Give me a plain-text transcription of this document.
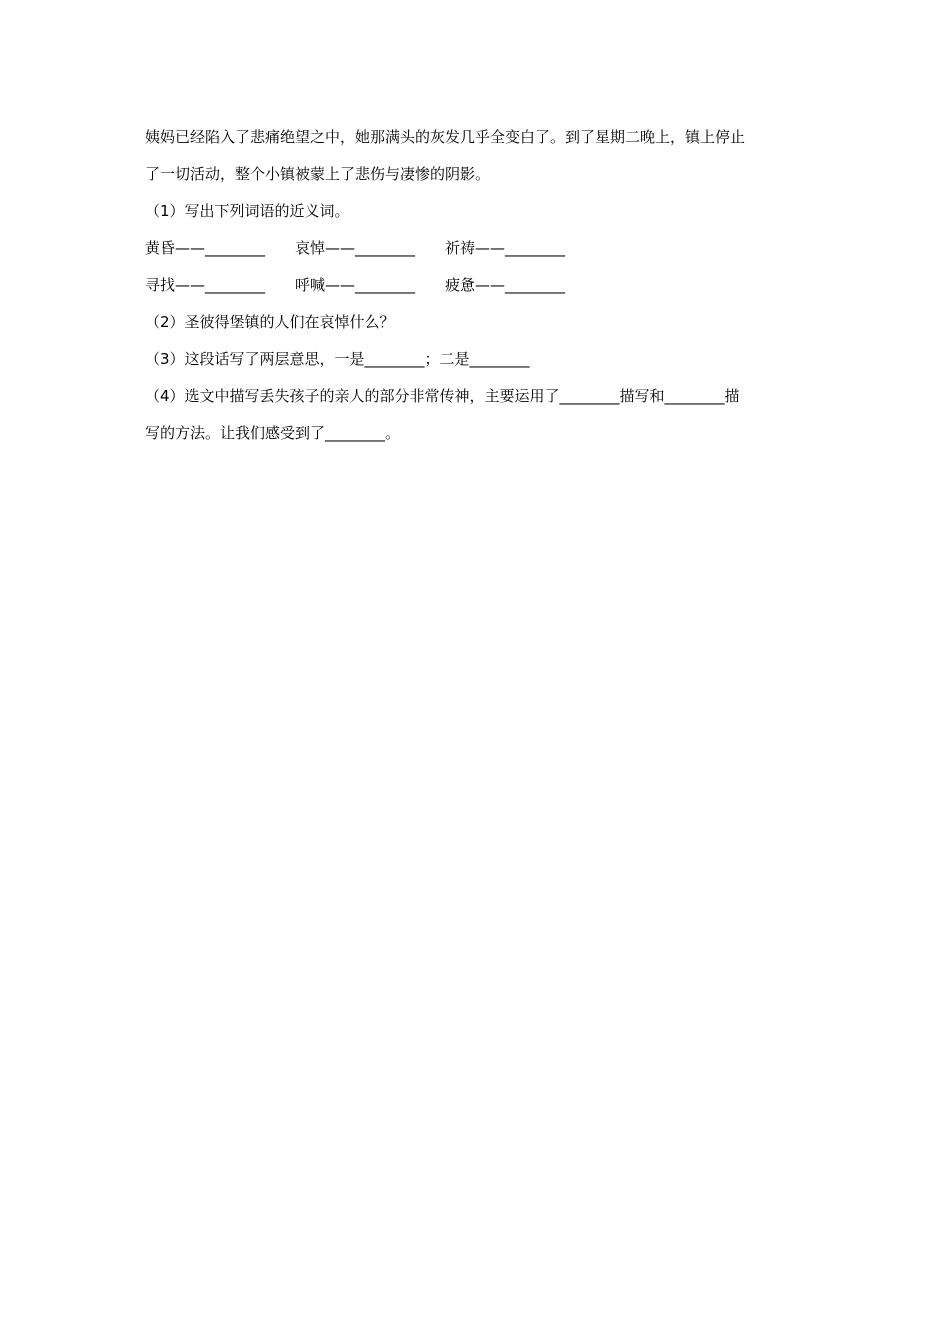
姨妈已经陷入了悲痛绝望之中，她那满头的灰发几乎全变白了。到了星期二晚上，镇上停止
了一切活动，整个小镇被蒙上了悲伤与凄惨的阴影。
（1）写出下列词语的近义词。
黄昏——________	哀悼——________	祈祷——________
寻找——________	呼喊——________	疲惫——________
（2）圣彼得堡镇的人们在哀悼什么？
（3）这段话写了两层意思，一是________；二是________
（4）选文中描写丢失孩子的亲人的部分非常传神，主要运用了________描写和________描
写的方法。让我们感受到了________。
